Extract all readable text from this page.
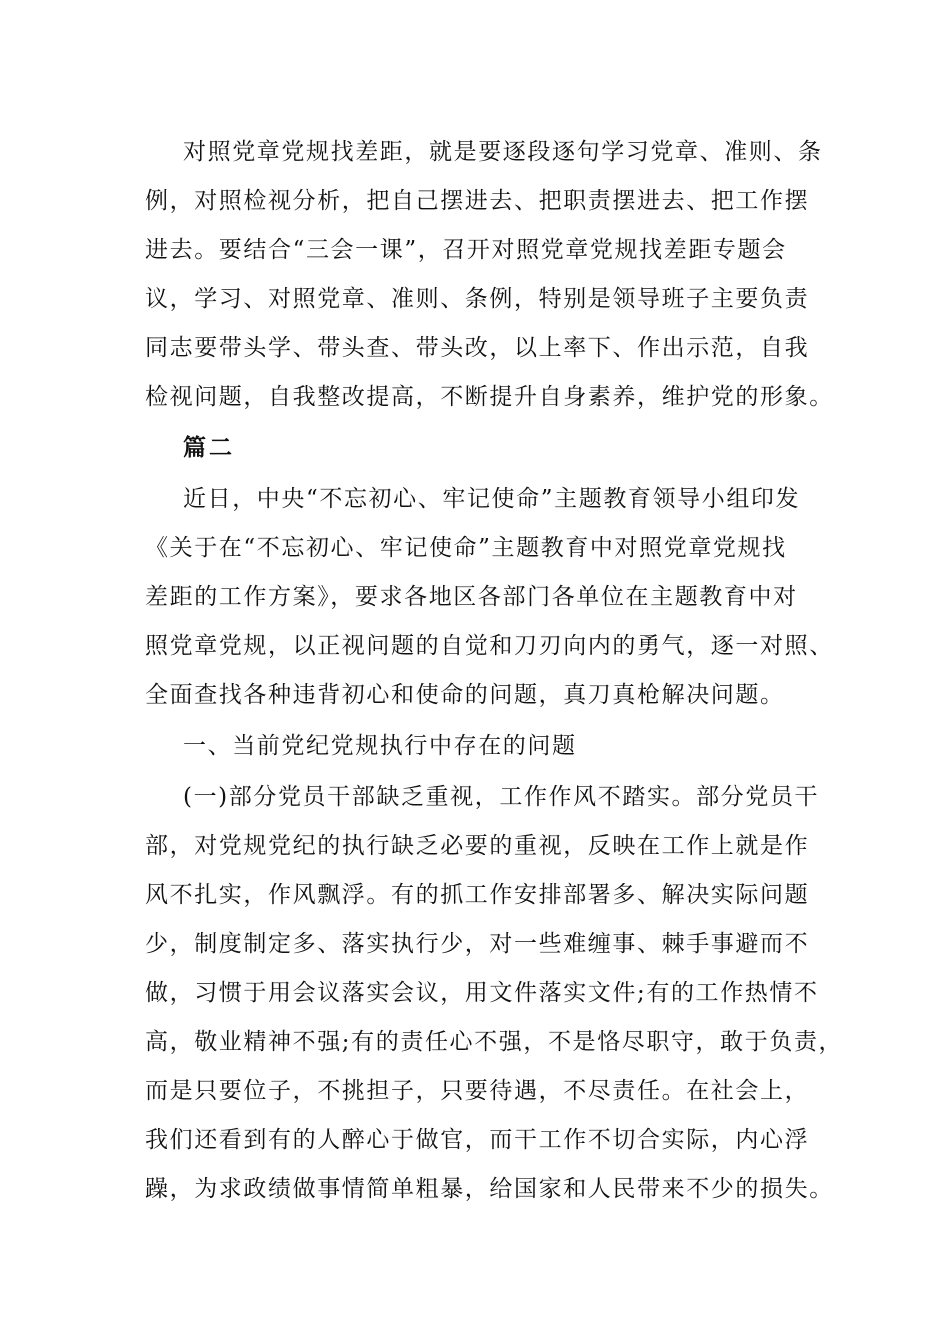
对照党章党规找差距，就是要逐段逐句学习党章、准则、条
例，对照检视分析，把自己摆进去、把职责摆进去、把工作摆
进去。要结合“三会一课”，召开对照党章党规找差距专题会
议，学习、对照党章、准则、条例，特别是领导班子主要负责
同志要带头学、带头查、带头改，以上率下、作出示范，自我
检视问题，自我整改提高，不断提升自身素养，维护党的形象。
篇二
近日，中央“不忘初心、牢记使命”主题教育领导小组印发
《关于在“不忘初心、牢记使命”主题教育中对照党章党规找
差距的工作方案》，要求各地区各部门各单位在主题教育中对
照党章党规，以正视问题的自觉和刀刃向内的勇气，逐一对照、
全面查找各种违背初心和使命的问题，真刀真枪解决问题。
一、当前党纪党规执行中存在的问题
(一)部分党员干部缺乏重视，工作作风不踏实。部分党员干
部，对党规党纪的执行缺乏必要的重视，反映在工作上就是作
风不扎实，作风飘浮。有的抓工作安排部署多、解决实际问题
少，制度制定多、落实执行少，对一些难缠事、棘手事避而不
做，习惯于用会议落实会议，用文件落实文件;有的工作热情不
高，敬业精神不强;有的责任心不强，不是恪尽职守，敢于负责，
而是只要位子，不挑担子，只要待遇，不尽责任。在社会上，
我们还看到有的人醉心于做官，而干工作不切合实际，内心浮
躁，为求政绩做事情简单粗暴，给国家和人民带来不少的损失。
